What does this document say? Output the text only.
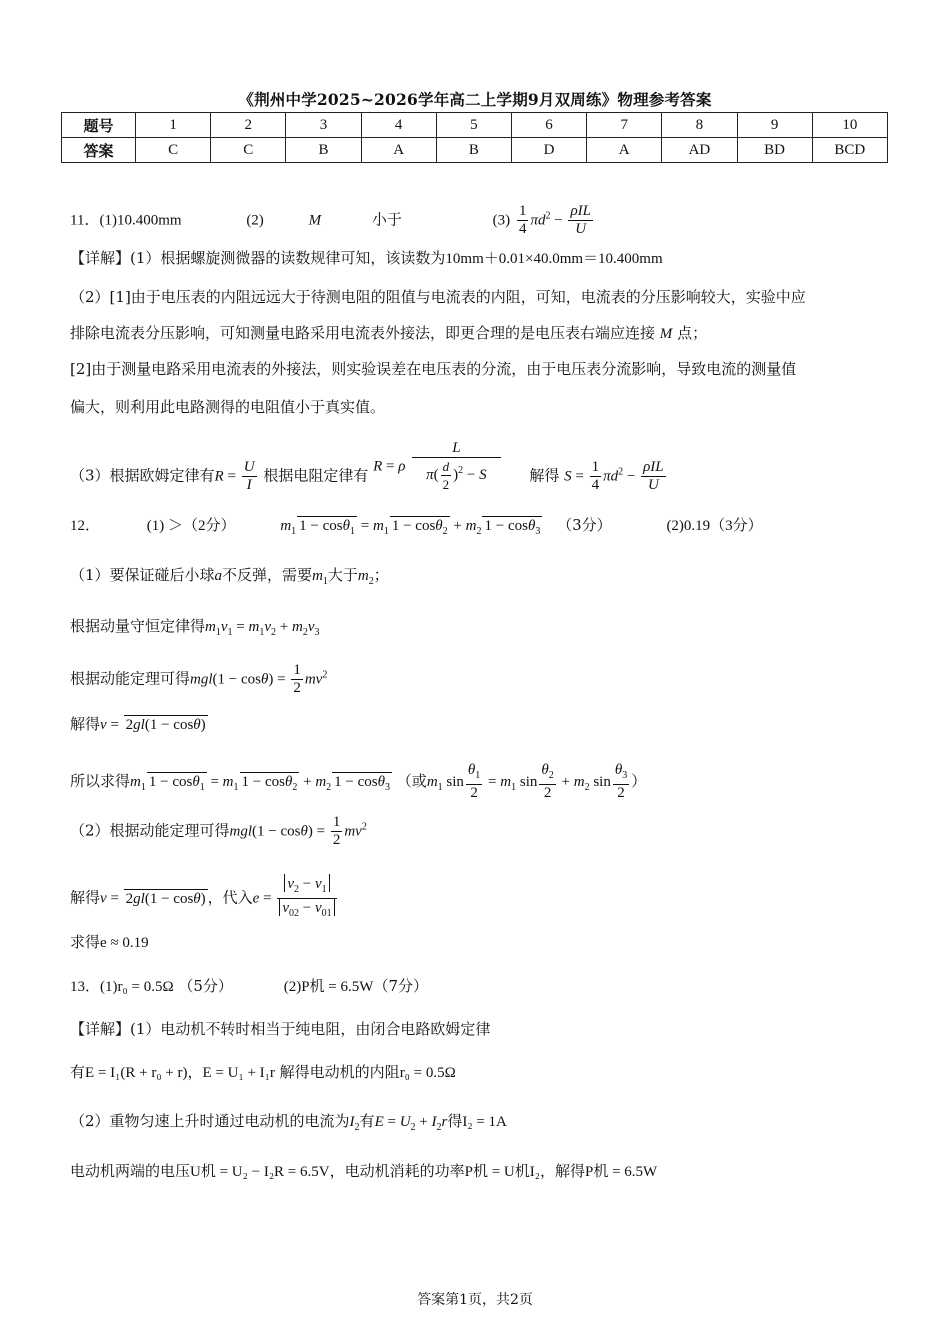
《荆州中学2025~2026学年高二上学期9月双周练》物理参考答案
题号	1	2	3	4	5	6	7	8	9	10
答案	C	C	B	A	B	D	A	AD	BD	BCD
11．(1)10.400mm	(2)	M	小于	$(3) \frac{1}{4} \pi d^2 - \frac{\text{ρIL}}{U}$
【详解】(1）根据螺旋测微器的读数规律可知，该读数为10mm＋0.01×40.0mm＝10.400mm
（2）[1]由于电压表的内阻远远大于待测电阻的阻值与电流表的内阻，可知，电流表的分压影响较大，实验中应
排除电流表分压影响，可知测量电路采用电流表外接法，即更合理的是电压表右端应连接 M 点；
[2]由于测量电路采用电流表的外接法，则实验误差在电压表的分流，由于电压表分流影响，导致电流的测量值
偏大，则利用此电路测得的电阻值小于真实值。
（3）根据欧姆定律有$R = \frac{U}{I}$ 根据电阻定律有 R = ρ $\frac{L}{\pi( \frac{d}{2} )^2 - S}$ 解得 $S = \frac{1}{4} \pi d^2 - \frac{\text{ρIL}}{U}$
12．	(1) ＞（2分）	$m_1$ $1 - \cos\theta_1 = m_1$ $1 - \cos\theta_2 + m_2$ 1 − cosθ$_3$ （3分）	(2)0.19（3分）
（1）要保证碰后小球a不反弹，需要$m_1$大于$m_2$；
根据动量守恒定律得$m_1v_1 = m_1v_2 + m_2v_3$
根据动能定理可得$mgl(1 - \cos\theta) = \frac{1}{2} mv^2$
解得v = 2gl(1 − cosθ)
所以求得$m_1$ $1 - \cos\theta_1 = m_1$ $1 - \cos\theta_2 + m_2$ 1 − cosθ$_3$ （或$m_1$ $\sin \frac{\theta_1}{2} = m_1$ $\sin \frac{\theta_2}{2} + m_2$ $\sin \frac{\theta_3}{2}$ ）
（2）根据动能定理可得$mgl(1 - \cos\theta) = \frac{1}{2} mv^2$
解得v = 2gl(1 − cosθ) ，代入$e = \frac{v_2 - v_1}{v_{02} - v_{01}}$
求得e ≈ 0.19
13．(1)r₀ = 0.5Ω （5分）	(2)P机 = 6.5W（7分）
【详解】(1）电动机不转时相当于纯电阻，由闭合电路欧姆定律
有E = I₁(R + r₀ + r)，E = U₁ + I₁r 解得电动机的内阻r₀ = 0.5Ω
（2）重物匀速上升时通过电动机的电流为$I_2$有$E = U_2 + I_2r$得I₂ = 1A
电动机两端的电压U机 = U₂ − I₂R = 6.5V，电动机消耗的功率P机 = U机I₂，解得P机 = 6.5W
答案第1页，共2页
